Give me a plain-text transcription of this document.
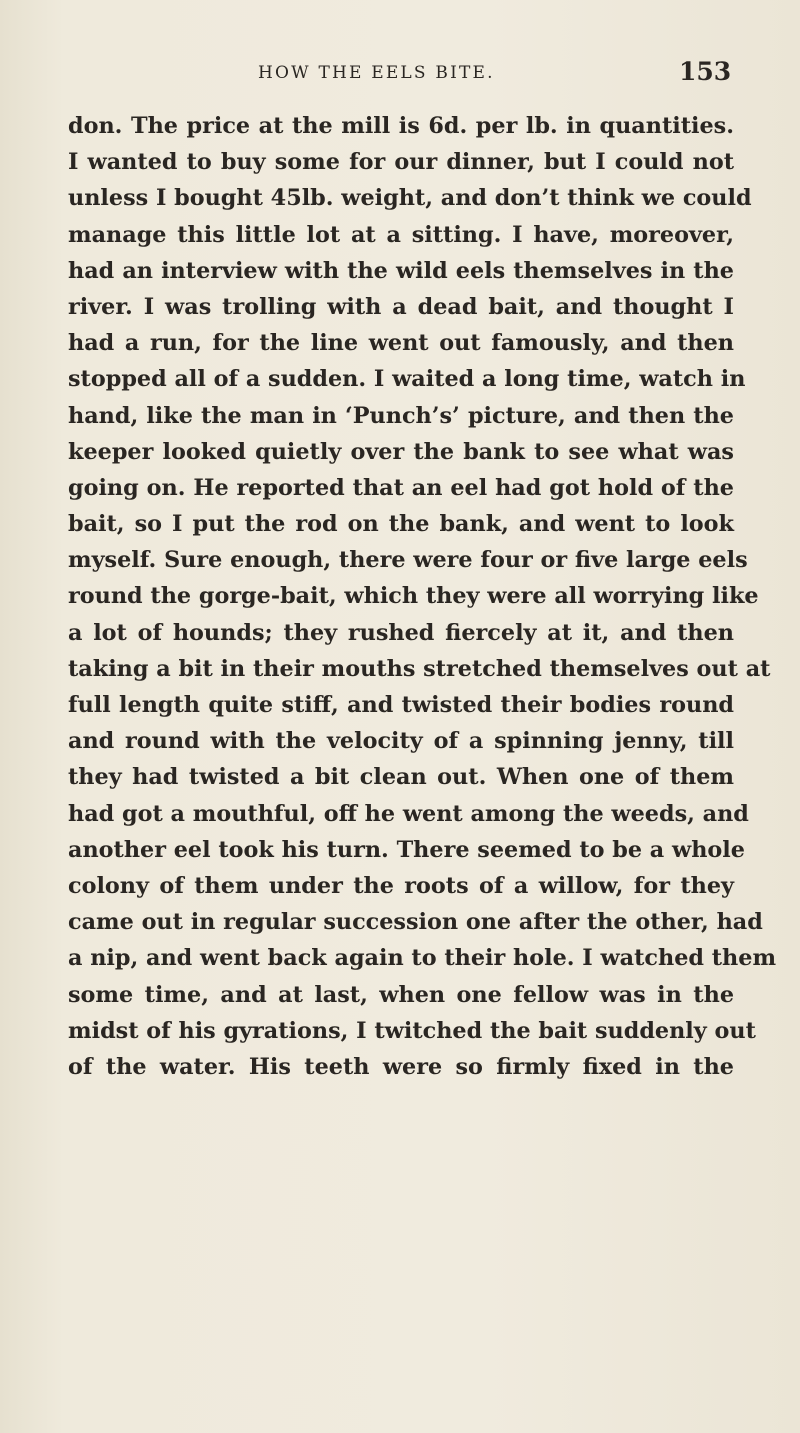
HOW THE EELS BITE.	153
don. The price at the mill is 6d. per lb. in quantities.
I wanted to buy some for our dinner, but I could not
unless I bought 45lb. weight, and don’t think we could
manage this little lot at a sitting. I have, moreover,
had an interview with the wild eels themselves in the
river. I was trolling with a dead bait, and thought I
had a run, for the line went out famously, and then
stopped all of a sudden. I waited a long time, watch in
hand, like the man in ‘Punch’s’ picture, and then the
keeper looked quietly over the bank to see what was
going on. He reported that an eel had got hold of the
bait, so I put the rod on the bank, and went to look
myself. Sure enough, there were four or five large eels
round the gorge-bait, which they were all worrying like
a lot of hounds; they rushed fiercely at it, and then
taking a bit in their mouths stretched themselves out at
full length quite stiff, and twisted their bodies round
and round with the velocity of a spinning jenny, till
they had twisted a bit clean out. When one of them
had got a mouthful, off he went among the weeds, and
another eel took his turn. There seemed to be a whole
colony of them under the roots of a willow, for they
came out in regular succession one after the other, had
a nip, and went back again to their hole. I watched them
some time, and at last, when one fellow was in the
midst of his gyrations, I twitched the bait suddenly out
of the water. His teeth were so firmly fixed in the
